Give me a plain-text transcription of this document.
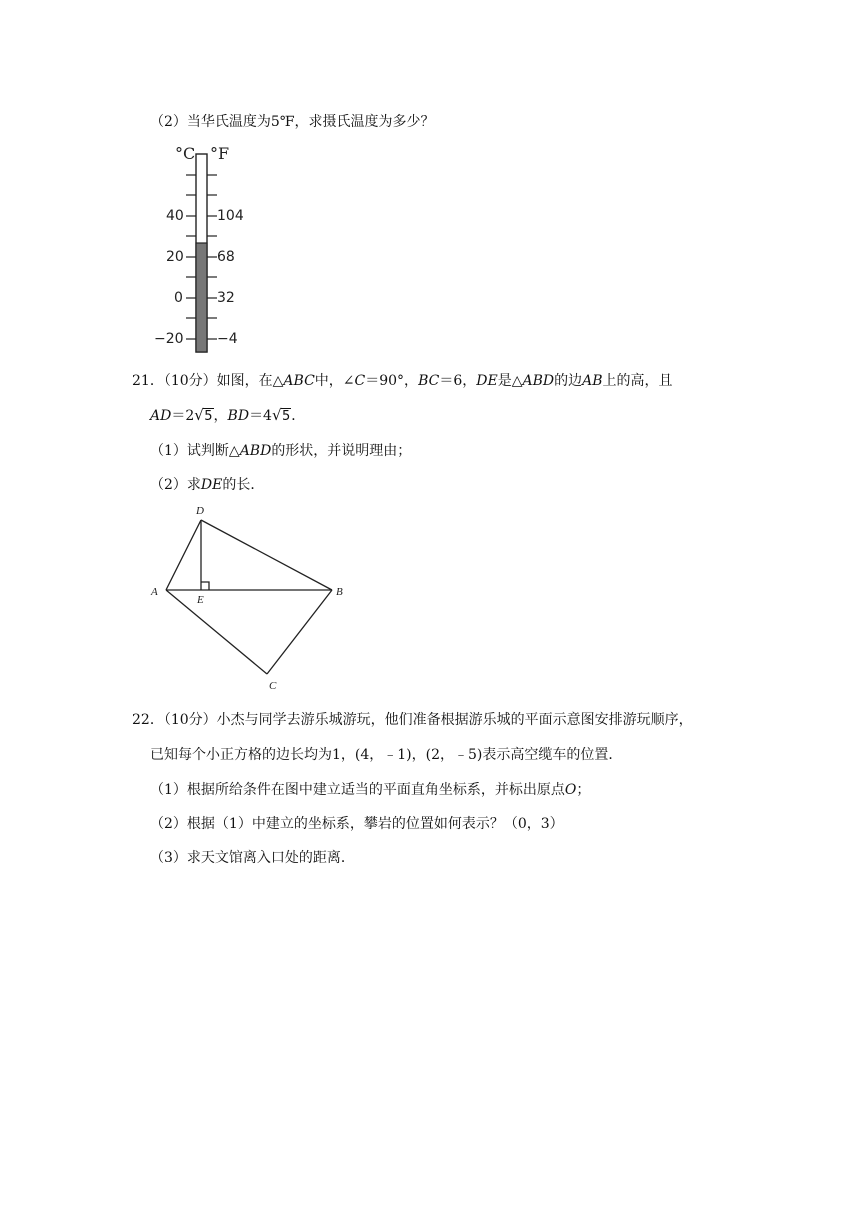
（2）当华氏温度为5℉，求摄氏温度为多少？
°C °F
40
20
0
−20
104
68
32
−4
21．（10分）如图，在△ABC中，∠C＝90°，BC＝6，DE是△ABD的边AB上的高，且
AD＝2 √ 5，BD＝4 √ 5．
（1）试判断△ABD的形状，并说明理由；
（2）求DE的长．
D
A
E
B
C
22．（10分）小杰与同学去游乐城游玩，他们准备根据游乐城的平面示意图安排游玩顺序，
已知每个小正方格的边长均为1，(4，﹣1)，(2，﹣5)表示高空缆车的位置．
（1）根据所给条件在图中建立适当的平面直角坐标系，并标出原点O；
（2）根据（1）中建立的坐标系，攀岩的位置如何表示？（0，3）
（3）求天文馆离入口处的距离．
